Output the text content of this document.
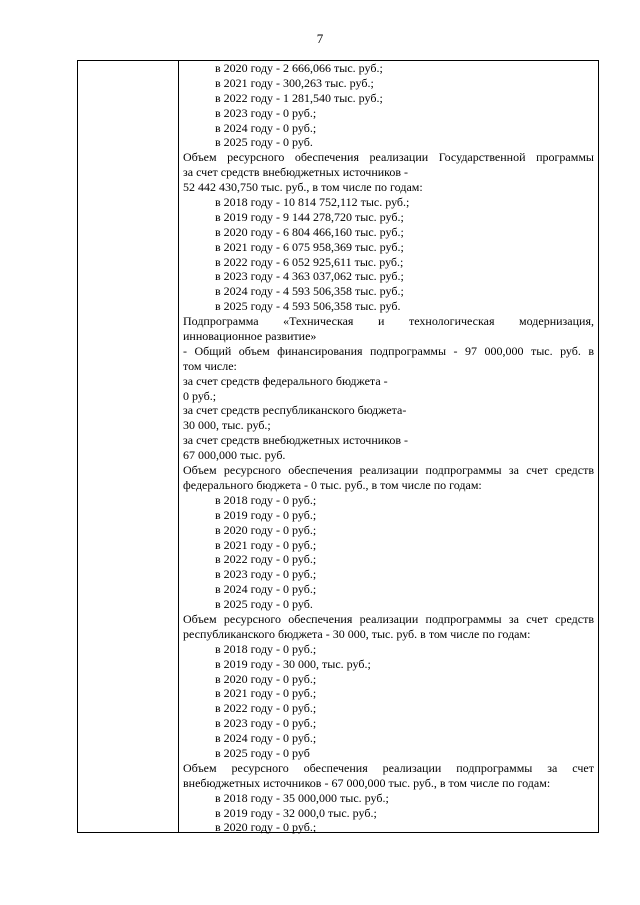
7
в 2020 году - 2 666,066 тыс. руб.;
в 2021 году - 300,263 тыс. руб.;
в 2022 году - 1 281,540 тыс. руб.;
в 2023 году - 0 руб.;
в 2024 году - 0 руб.;
в 2025 году - 0 руб.
Объем ресурсного обеспечения реализации Государственной программы
за счет средств внебюджетных источников -
52 442 430,750 тыс. руб., в том числе по годам:
в 2018 году - 10 814 752,112 тыс. руб.;
в 2019 году - 9 144 278,720 тыс. руб.;
в 2020 году - 6 804 466,160 тыс. руб.;
в 2021 году - 6 075 958,369 тыс. руб.;
в 2022 году - 6 052 925,611 тыс. руб.;
в 2023 году - 4 363 037,062 тыс. руб.;
в 2024 году - 4 593 506,358 тыс. руб.;
в 2025 году - 4 593 506,358 тыс. руб.
Подпрограмма «Техническая и технологическая модернизация,
инновационное развитие»
- Общий объем финансирования подпрограммы - 97 000,000 тыс. руб. в
том числе:
за счет средств федерального бюджета -
0 руб.;
за счет средств республиканского бюджета-
30 000, тыс. руб.;
за счет средств внебюджетных источников -
67 000,000 тыс. руб.
Объем ресурсного обеспечения реализации подпрограммы за счет средств
федерального бюджета - 0 тыс. руб., в том числе по годам:
в 2018 году - 0 руб.;
в 2019 году - 0 руб.;
в 2020 году - 0 руб.;
в 2021 году - 0 руб.;
в 2022 году - 0 руб.;
в 2023 году - 0 руб.;
в 2024 году - 0 руб.;
в 2025 году - 0 руб.
Объем ресурсного обеспечения реализации подпрограммы за счет средств
республиканского бюджета - 30 000, тыс. руб. в том числе по годам:
в 2018 году - 0 руб.;
в 2019 году - 30 000, тыс. руб.;
в 2020 году - 0 руб.;
в 2021 году - 0 руб.;
в 2022 году - 0 руб.;
в 2023 году - 0 руб.;
в 2024 году - 0 руб.;
в 2025 году - 0 руб
Объем ресурсного обеспечения реализации подпрограммы за счет
внебюджетных источников - 67 000,000 тыс. руб., в том числе по годам:
в 2018 году - 35 000,000 тыс. руб.;
в 2019 году - 32 000,0 тыс. руб.;
в 2020 году - 0 руб.;
